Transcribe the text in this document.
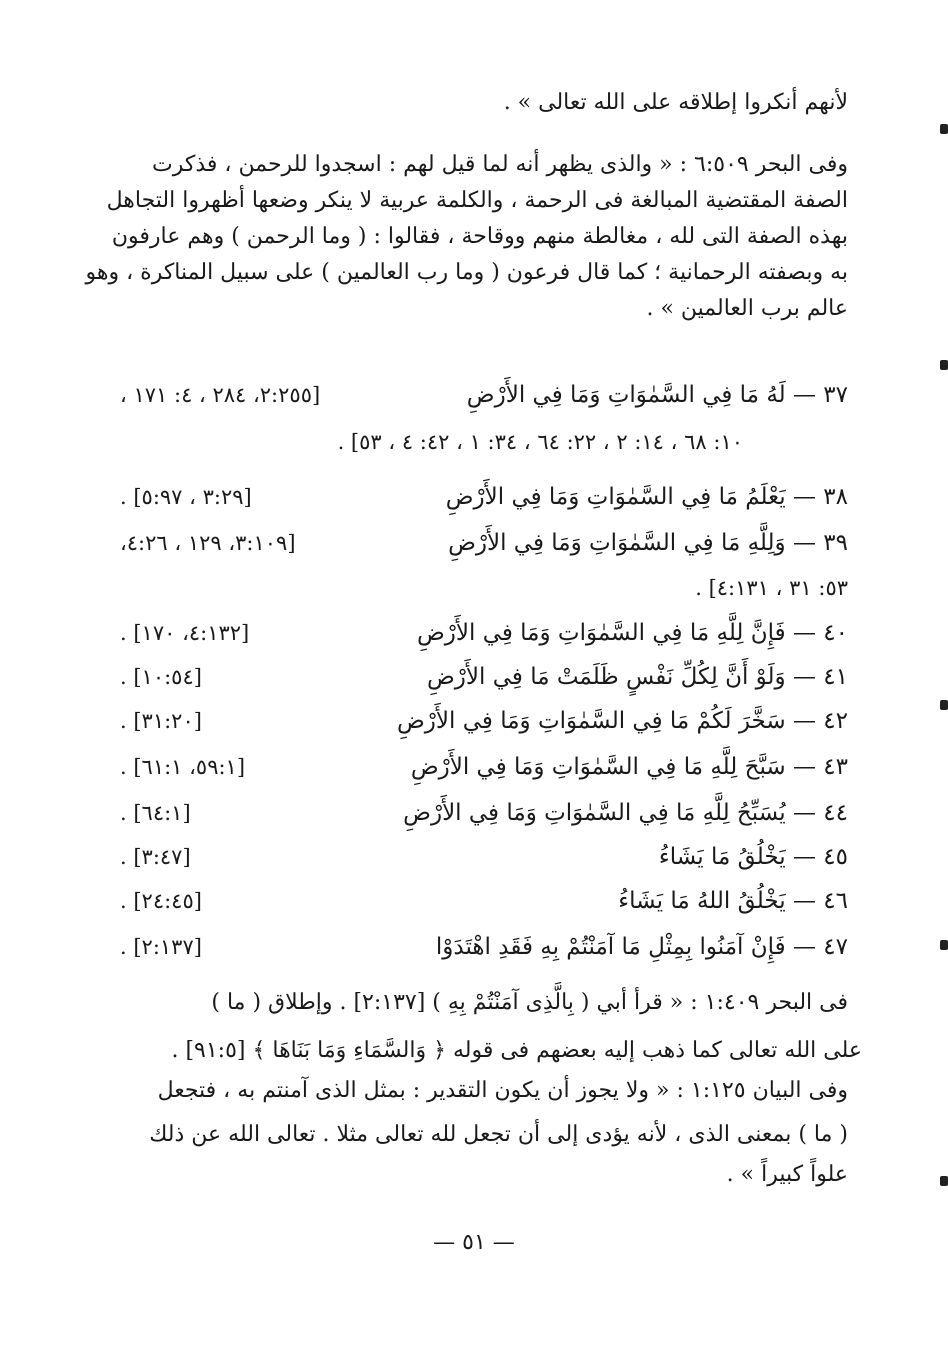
لأنهم أنكروا إطلاقه على الله تعالى » .

وفى البحر ٦:٥٠٩ : « والذى يظهر أنه لما قيل لهم : اسجدوا للرحمن ، فذكرت

الصفة المقتضية المبالغة فى الرحمة ، والكلمة عربية لا ينكر وضعها أظهروا التجاهل

بهذه الصفة التى لله ، مغالطة منهم ووقاحة ، فقالوا : ( وما الرحمن ) وهم عارفون

به وبصفته الرحمانية ؛ كما قال فرعون ( وما رب العالمين ) على سبيل المناكرة ، وهو

عالم برب العالمين » .

٣٧ — لَهُ مَا فِي السَّمٰوَاتِ وَمَا فِي الأَرْضِ
[٢:٢٥٥، ٢٨٤ ، ٤: ١٧١ ،
١٠: ٦٨ ، ١٤: ٢ ، ٢٢: ٦٤ ، ٣٤: ١ ، ٤٢: ٤ ، ٥٣] .
٣٨ — يَعْلَمُ مَا فِي السَّمٰوَاتِ وَمَا فِي الأَرْضِ
[٣:٢٩ ، ٥:٩٧] .
٣٩ — وَلِلَّهِ مَا فِي السَّمٰوَاتِ وَمَا فِي الأَرْضِ
[٣:١٠٩، ١٢٩ ، ٤:٢٦،
٥٣: ٣١ ، ٤:١٣١] .
٤٠ — فَإِنَّ لِلَّهِ مَا فِي السَّمٰوَاتِ وَمَا فِي الأَرْضِ
[٤:١٣٢، ١٧٠] .
٤١ — وَلَوْ أَنَّ لِكُلِّ نَفْسٍ ظَلَمَتْ مَا فِي الأَرْضِ
[١٠:٥٤] .
٤٢ — سَخَّرَ لَكُمْ مَا فِي السَّمٰوَاتِ وَمَا فِي الأَرْضِ
[٣١:٢٠] .
٤٣ — سَبَّحَ لِلَّهِ مَا فِي السَّمٰوَاتِ وَمَا فِي الأَرْضِ
[٥٩:١، ٦١:١] .
٤٤ — يُسَبِّحُ لِلَّهِ مَا فِي السَّمٰوَاتِ وَمَا فِي الأَرْضِ
[٦٤:١] .
٤٥ — يَخْلُقُ مَا يَشَاءُ
[٣:٤٧] .
٤٦ — يَخْلُقُ اللهُ مَا يَشَاءُ
[٢٤:٤٥] .
٤٧ — فَإِنْ آمَنُوا بِمِثْلِ مَا آمَنْتُمْ بِهِ فَقَدِ اهْتَدَوْا
[٢:١٣٧] .

فى البحر ١:٤٠٩ : « قرأ أبي ( بِالَّذِى آمَنْتُمْ بِهِ ) [٢:١٣٧] . وإطلاق ( ما )

على الله تعالى كما ذهب إليه بعضهم فى قوله ﴿ وَالسَّمَاءِ وَمَا بَنَاهَا ﴾ [٩١:٥] .

وفى البيان ١:١٢٥ : « ولا يجوز أن يكون التقدير : بمثل الذى آمنتم به ، فتجعل

( ما ) بمعنى الذى ، لأنه يؤدى إلى أن تجعل لله تعالى مثلا . تعالى الله عن ذلك

علواً كبيراً » .

— ٥١ —
